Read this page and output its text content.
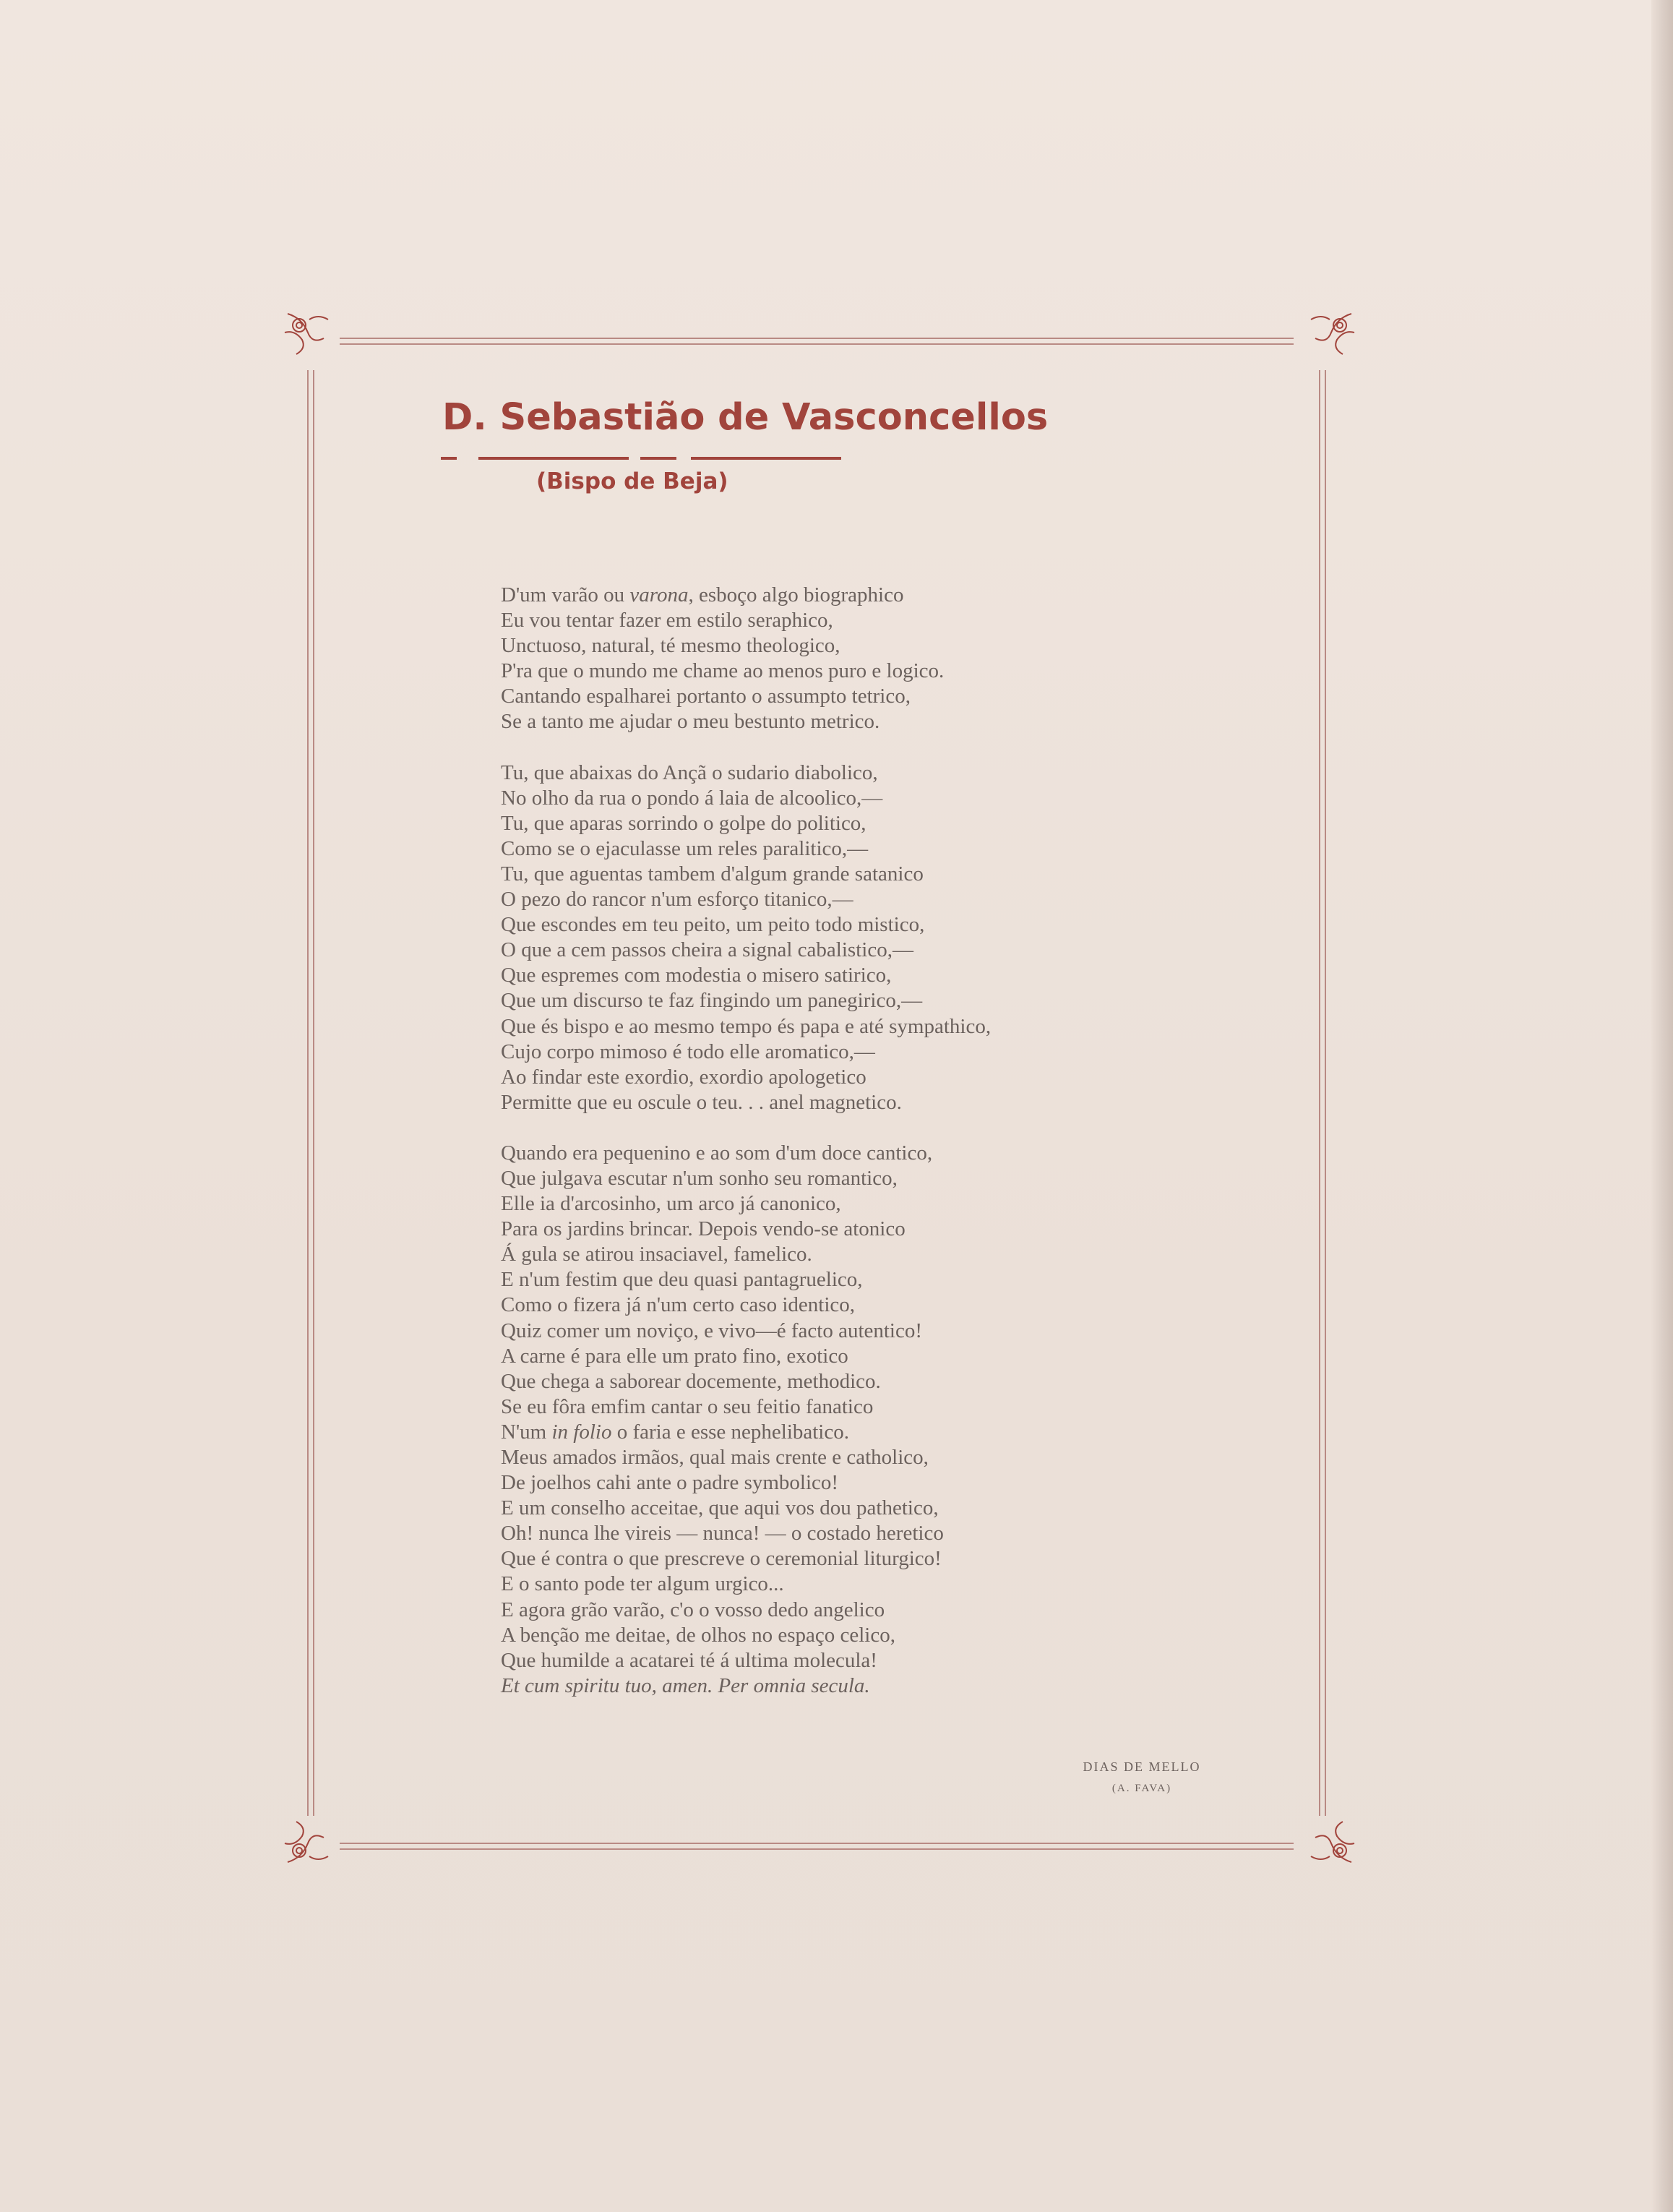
D. Sebastião de Vasconcellos
(Bispo de Beja)
D'um varão ou varona, esboço algo biographico
Eu vou tentar fazer em estilo seraphico,
Unctuoso, natural, té mesmo theologico,
P'ra que o mundo me chame ao menos puro e logico.
Cantando espalharei portanto o assumpto tetrico,
Se a tanto me ajudar o meu bestunto metrico.
Tu, que abaixas do Ançã o sudario diabolico,
No olho da rua o pondo á laia de alcoolico,—
Tu, que aparas sorrindo o golpe do politico,
Como se o ejaculasse um reles paralitico,—
Tu, que aguentas tambem d'algum grande satanico
O pezo do rancor n'um esforço titanico,—
Que escondes em teu peito, um peito todo mistico,
O que a cem passos cheira a signal cabalistico,—
Que espremes com modestia o misero satirico,
Que um discurso te faz fingindo um panegirico,—
Que és bispo e ao mesmo tempo és papa e até sympathico,
Cujo corpo mimoso é todo elle aromatico,—
Ao findar este exordio, exordio apologetico
Permitte que eu oscule o teu. . . anel magnetico.
Quando era pequenino e ao som d'um doce cantico,
Que julgava escutar n'um sonho seu romantico,
Elle ia d'arcosinho, um arco já canonico,
Para os jardins brincar. Depois vendo-se atonico
Á gula se atirou insaciavel, famelico.
E n'um festim que deu quasi pantagruelico,
Como o fizera já n'um certo caso identico,
Quiz comer um noviço, e vivo—é facto autentico!
A carne é para elle um prato fino, exotico
Que chega a saborear docemente, methodico.
Se eu fôra emfim cantar o seu feitio fanatico
N'um in folio o faria e esse nephelibatico.
Meus amados irmãos, qual mais crente e catholico,
De joelhos cahi ante o padre symbolico!
E um conselho acceitae, que aqui vos dou pathetico,
Oh! nunca lhe vireis — nunca! — o costado heretico
Que é contra o que prescreve o ceremonial liturgico!
E o santo pode ter algum urgico...
E agora grão varão, c'o o vosso dedo angelico
A benção me deitae, de olhos no espaço celico,
Que humilde a acatarei té á ultima molecula!
Et cum spiritu tuo, amen. Per omnia secula.
DIAS DE MELLO
(A. FAVA)
